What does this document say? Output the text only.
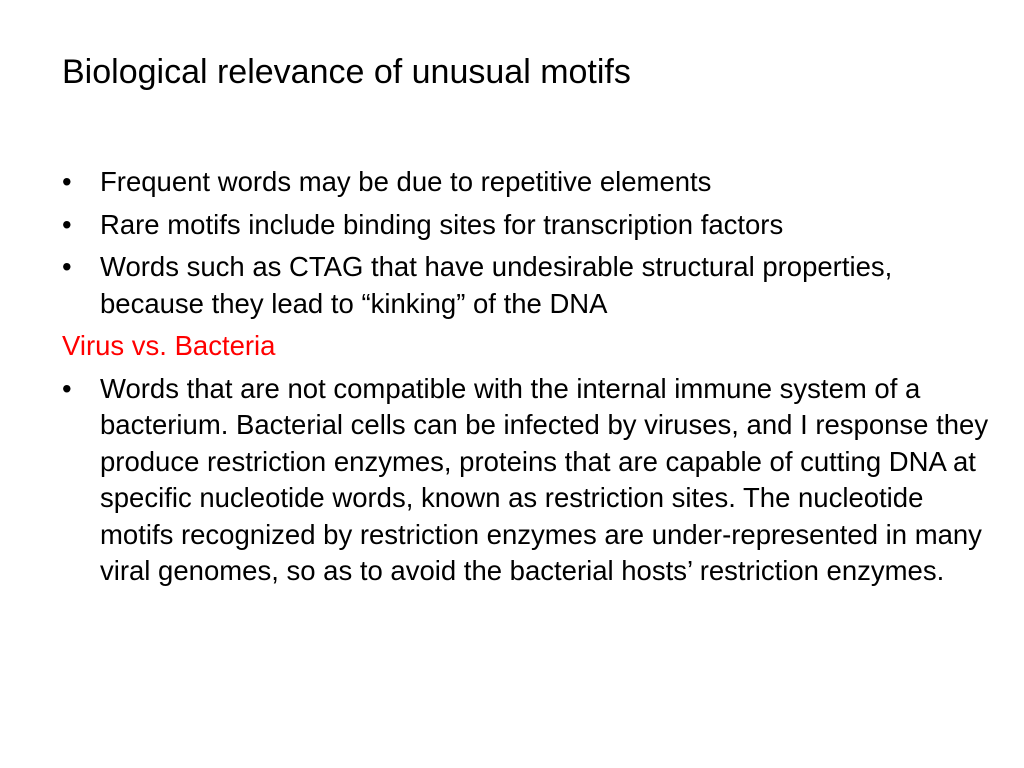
Biological relevance of unusual motifs
•	Frequent words may be due to repetitive elements
•	Rare motifs include binding sites for transcription factors
•	Words such as CTAG that have undesirable structural properties, because they lead to “kinking” of the DNA
Virus vs. Bacteria
•	Words that are not compatible with the internal immune system of a bacterium. Bacterial cells can be infected by viruses, and I response they produce restriction enzymes, proteins that are capable of cutting DNA at specific nucleotide words, known as restriction sites. The nucleotide motifs recognized by restriction enzymes are under-represented in many viral genomes, so as to avoid the bacterial hosts’ restriction enzymes.
